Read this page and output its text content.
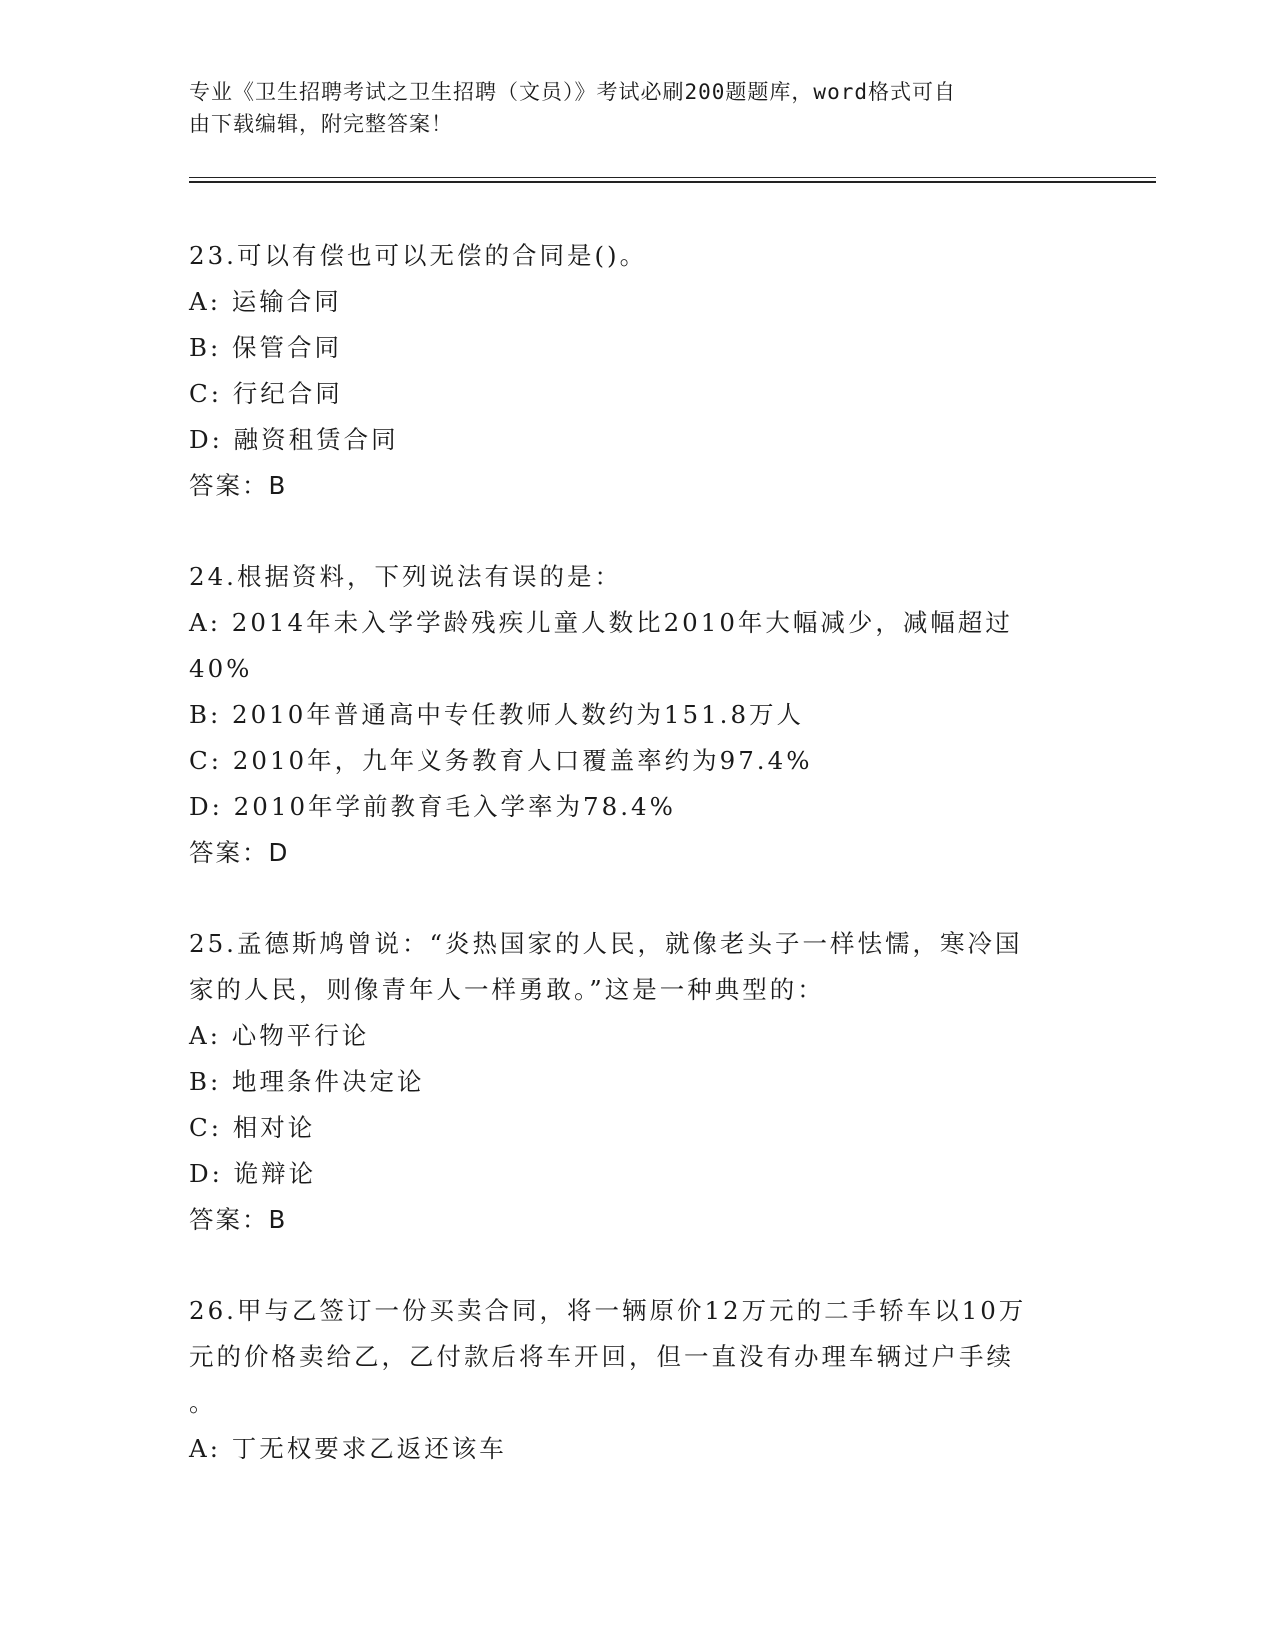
专业《卫生招聘考试之卫生招聘（文员）》考试必刷200题题库，word格式可自
由下载编辑，附完整答案！

23.可以有偿也可以无偿的合同是()。

A: 运输合同

B: 保管合同

C: 行纪合同

D: 融资租赁合同

答案：B

24.根据资料，下列说法有误的是：

A: 2014年未入学学龄残疾儿童人数比2010年大幅减少，减幅超过

40%

B: 2010年普通高中专任教师人数约为151.8万人

C: 2010年，九年义务教育人口覆盖率约为97.4%

D: 2010年学前教育毛入学率为78.4%

答案：D

25.孟德斯鸠曾说：“炎热国家的人民，就像老头子一样怯懦，寒冷国

家的人民，则像青年人一样勇敢。”这是一种典型的：

A: 心物平行论

B: 地理条件决定论

C: 相对论

D: 诡辩论

答案：B

26.甲与乙签订一份买卖合同，将一辆原价12万元的二手轿车以10万

元的价格卖给乙，乙付款后将车开回，但一直没有办理车辆过户手续

。

A: 丁无权要求乙返还该车
